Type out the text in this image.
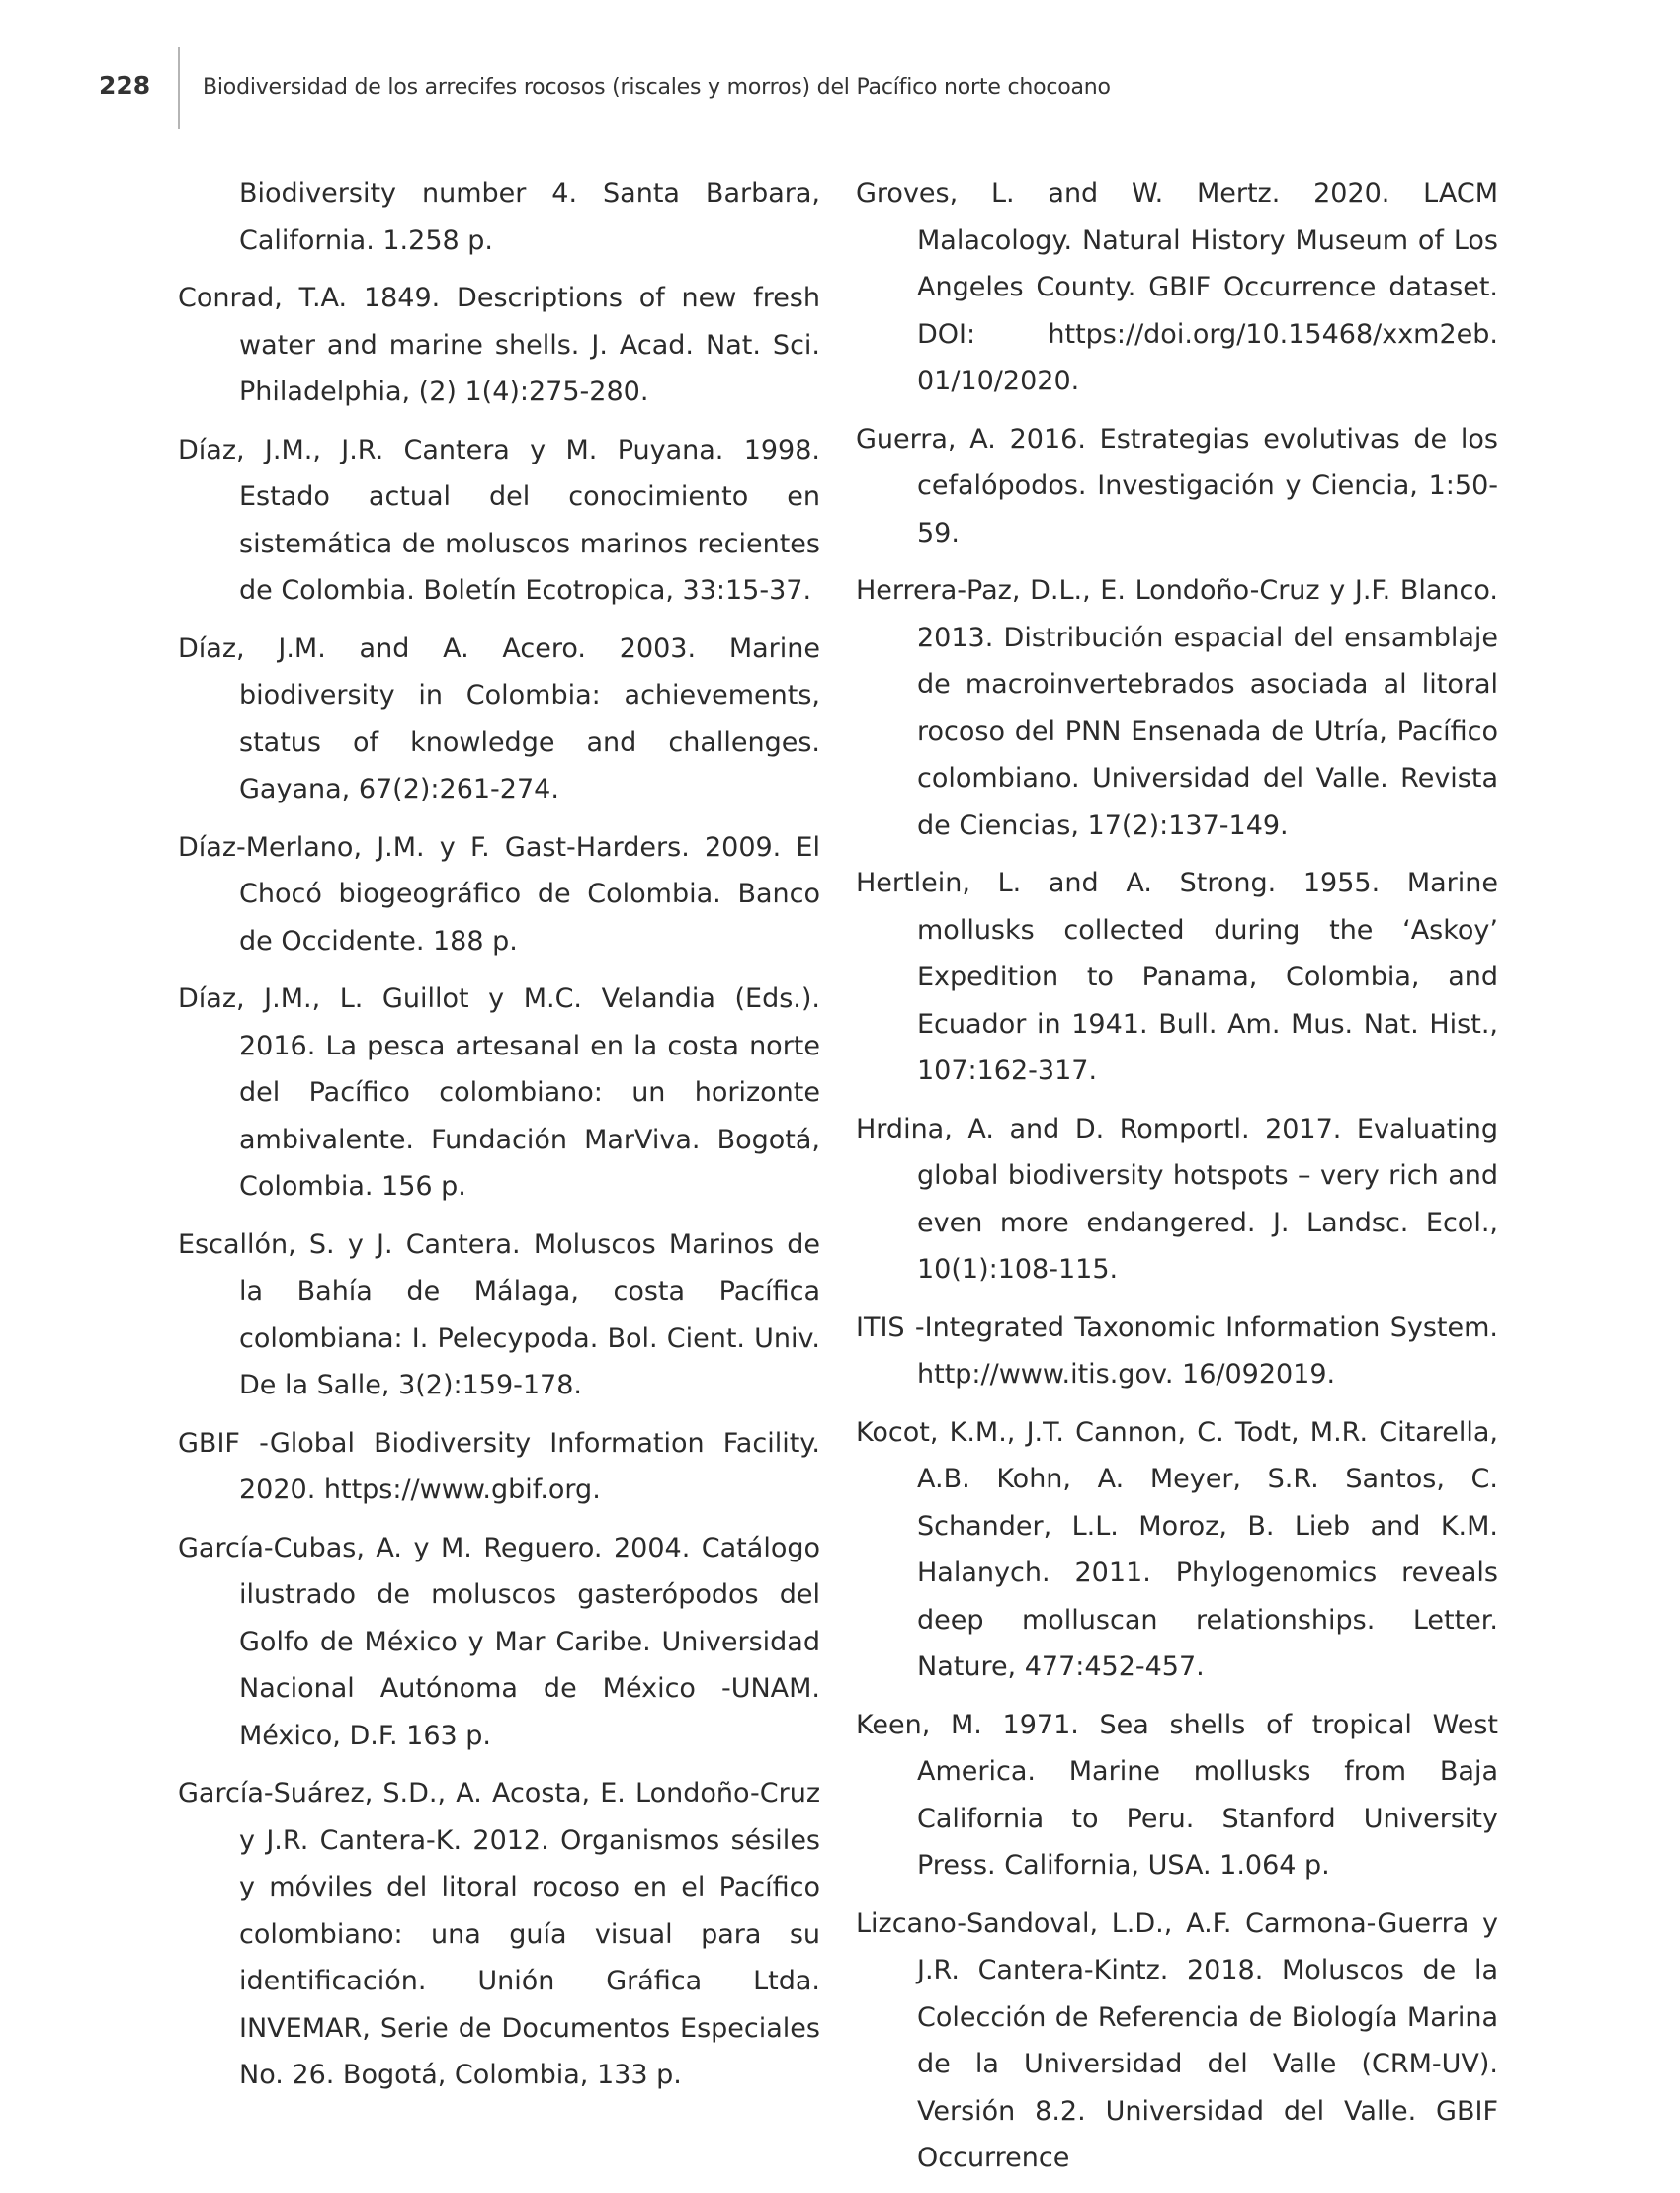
228 Biodiversidad de los arrecifes rocosos (riscales y morros) del Pacífico norte chocoano

Biodiversity number 4. Santa Barbara, California. 1.258 p.

Conrad, T.A. 1849. Descriptions of new fresh water and marine shells. J. Acad. Nat. Sci. Philadelphia, (2) 1(4):275-280.

Díaz, J.M., J.R. Cantera y M. Puyana. 1998. Estado actual del conocimiento en sistemática de moluscos marinos recientes de Colombia. Boletín Ecotropica, 33:15-37.

Díaz, J.M. and A. Acero. 2003. Marine biodiversity in Colombia: achievements, status of knowledge and challenges. Gayana, 67(2):261-274.

Díaz-Merlano, J.M. y F. Gast-Harders. 2009. El Chocó biogeográfico de Colombia. Banco de Occidente. 188 p.

Díaz, J.M., L. Guillot y M.C. Velandia (Eds.). 2016. La pesca artesanal en la costa norte del Pacífico colombiano: un horizonte ambivalente. Fundación MarViva. Bogotá, Colombia. 156 p.

Escallón, S. y J. Cantera. Moluscos Marinos de la Bahía de Málaga, costa Pacífica colombiana: I. Pelecypoda. Bol. Cient. Univ. De la Salle, 3(2):159-178.

GBIF -Global Biodiversity Information Facility. 2020. https://www.gbif.org.

García-Cubas, A. y M. Reguero. 2004. Catálogo ilustrado de moluscos gasterópodos del Golfo de México y Mar Caribe. Universidad Nacional Autónoma de México -UNAM. México, D.F. 163 p.

García-Suárez, S.D., A. Acosta, E. Londoño-Cruz y J.R. Cantera-K. 2012. Organismos sésiles y móviles del litoral rocoso en el Pacífico colombiano: una guía visual para su identificación. Unión Gráfica Ltda. INVEMAR, Serie de Documentos Especiales No. 26. Bogotá, Colombia, 133 p.

Groves, L. and W. Mertz. 2020. LACM Malacology. Natural History Museum of Los Angeles County. GBIF Occurrence dataset. DOI: https://doi.org/10.15468/xxm2eb. 01/10/2020.

Guerra, A. 2016. Estrategias evolutivas de los cefalópodos. Investigación y Ciencia, 1:50-59.

Herrera-Paz, D.L., E. Londoño-Cruz y J.F. Blanco. 2013. Distribución espacial del ensamblaje de macroinvertebrados asociada al litoral rocoso del PNN Ensenada de Utría, Pacífico colombiano. Universidad del Valle. Revista de Ciencias, 17(2):137-149.

Hertlein, L. and A. Strong. 1955. Marine mollusks collected during the ‘Askoy’ Expedition to Panama, Colombia, and Ecuador in 1941. Bull. Am. Mus. Nat. Hist., 107:162-317.

Hrdina, A. and D. Romportl. 2017. Evaluating global biodiversity hotspots – very rich and even more endangered. J. Landsc. Ecol., 10(1):108-115.

ITIS -Integrated Taxonomic Information System. http://www.itis.gov. 16/092019.

Kocot, K.M., J.T. Cannon, C. Todt, M.R. Citarella, A.B. Kohn, A. Meyer, S.R. Santos, C. Schander, L.L. Moroz, B. Lieb and K.M. Halanych. 2011. Phylogenomics reveals deep molluscan relationships. Letter. Nature, 477:452-457.

Keen, M. 1971. Sea shells of tropical West America. Marine mollusks from Baja California to Peru. Stanford University Press. California, USA. 1.064 p.

Lizcano-Sandoval, L.D., A.F. Carmona-Guerra y J.R. Cantera-Kintz. 2018. Moluscos de la Colección de Referencia de Biología Marina de la Universidad del Valle (CRM-UV). Versión 8.2. Universidad del Valle. GBIF Occurrence
